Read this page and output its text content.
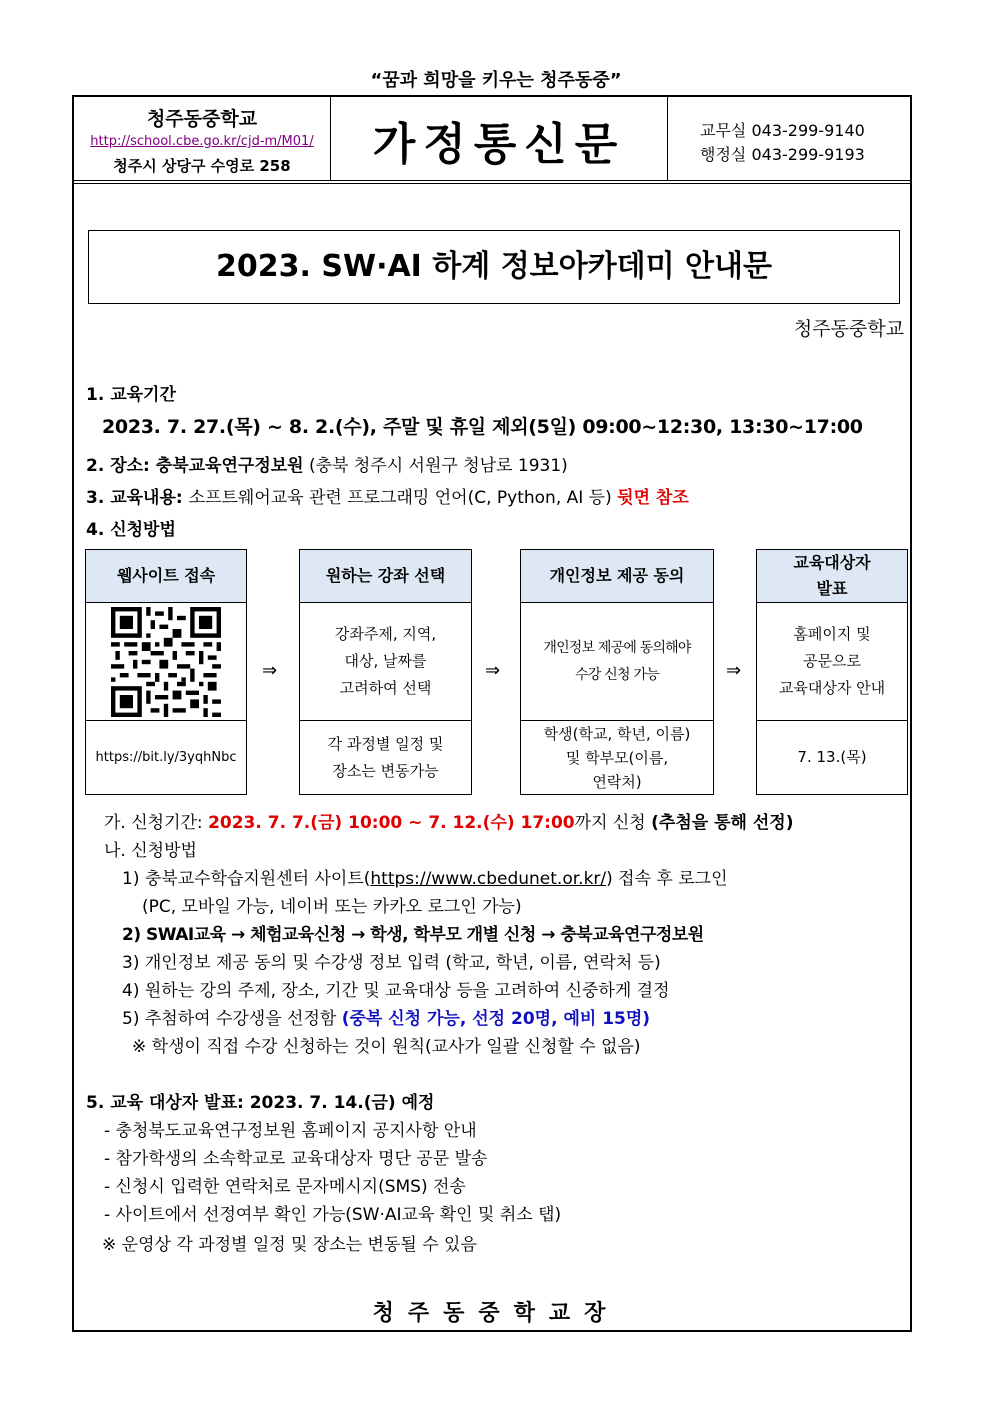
“꿈과 희망을 키우는 청주동중”
청주동중학교
http://school.cbe.go.kr/cjd-m/M01/
청주시 상당구 수영로 258	가정통신문	교무실 043-299-9140
행정실 043-299-9193
2023. SW·AI 하계 정보아카데미 안내문
청주동중학교
1. 교육기간
2023. 7. 27.(목) ~ 8. 2.(수), 주말 및 휴일 제외(5일) 09:00~12:30, 13:30~17:00
2. 장소: 충북교육연구정보원 (충북 청주시 서원구 청남로 1931)
3. 교육내용: 소프트웨어교육 관련 프로그래밍 언어(C, Python, AI 등) 뒷면 참조
4. 신청방법
웹사이트 접속
https://bit.ly/3yqhNbc
⇒
원하는 강좌 선택
강좌주제, 지역,
대상, 날짜를
고려하여 선택
각 과정별 일정 및
장소는 변동가능
⇒
개인정보 제공 동의
개인정보 제공에 동의해야
수강 신청 가능
학생(학교, 학년, 이름)
및 학부모(이름,
연락처)
⇒
교육대상자
발표
홈페이지 및
공문으로
교육대상자 안내
7. 13.(목)
가. 신청기간: 2023. 7. 7.(금) 10:00 ~ 7. 12.(수) 17:00까지 신청 (추첨을 통해 선정)
나. 신청방법
1) 충북교수학습지원센터 사이트(https://www.cbedunet.or.kr/) 접속 후 로그인
(PC, 모바일 가능, 네이버 또는 카카오 로그인 가능)
2) SWAI교육 → 체험교육신청 → 학생, 학부모 개별 신청 → 충북교육연구정보원
3) 개인정보 제공 동의 및 수강생 정보 입력 (학교, 학년, 이름, 연락처 등)
4) 원하는 강의 주제, 장소, 기간 및 교육대상 등을 고려하여 신중하게 결정
5) 추첨하여 수강생을 선정함 (중복 신청 가능, 선정 20명, 예비 15명)
※ 학생이 직접 수강 신청하는 것이 원칙(교사가 일괄 신청할 수 없음)
5. 교육 대상자 발표: 2023. 7. 14.(금) 예정
- 충청북도교육연구정보원 홈페이지 공지사항 안내
- 참가학생의 소속학교로 교육대상자 명단 공문 발송
- 신청시 입력한 연락처로 문자메시지(SMS) 전송
- 사이트에서 선정여부 확인 가능(SW·AI교육 확인 및 취소 탭)
※ 운영상 각 과정별 일정 및 장소는 변동될 수 있음
청주동중학교장
